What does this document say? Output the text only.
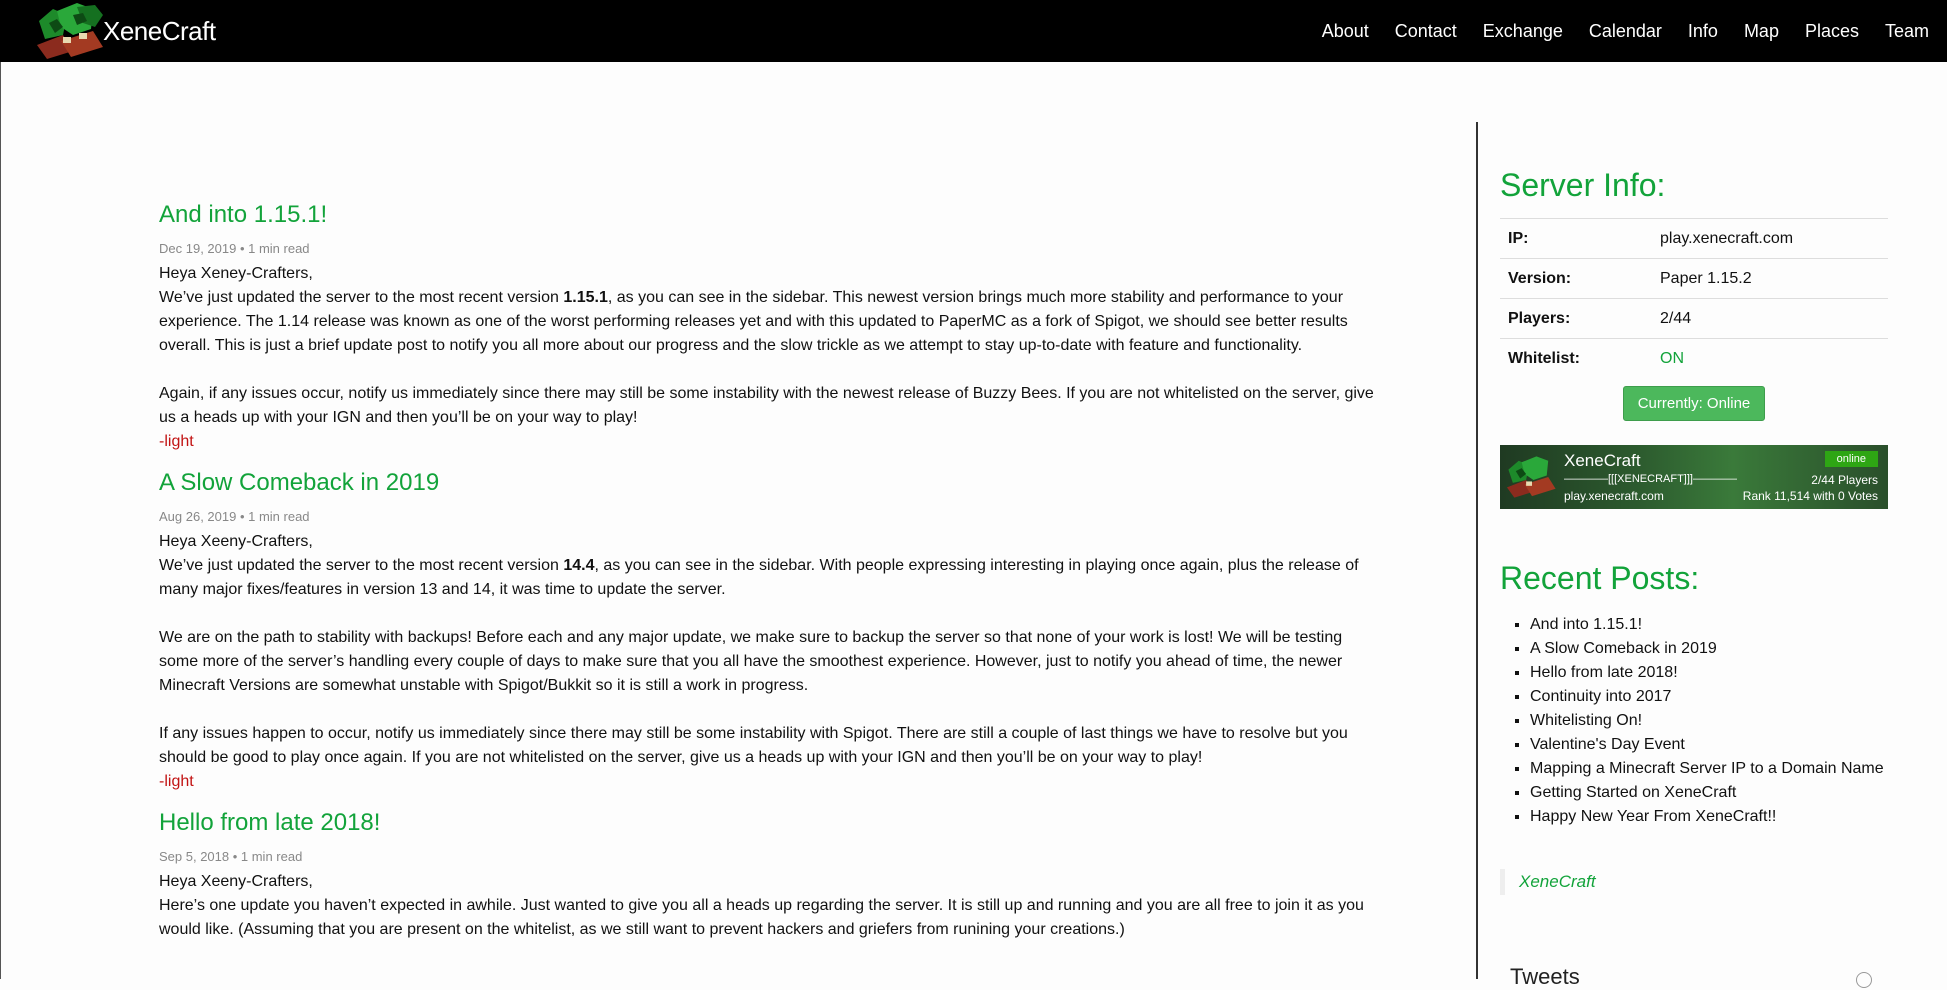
XeneCraft	About Contact Exchange Calendar Info Map Places Team
And into 1.15.1!
Dec 19, 2019 • 1 min read

Heya Xeney-Crafters,

We’ve just updated the server to the most recent version 1.15.1, as you can see in the sidebar. This newest version brings much more stability and performance to your experience. The 1.14 release was known as one of the worst performing releases yet and with this updated to PaperMC as a fork of Spigot, we should see better results overall. This is just a brief update post to notify you all more about our progress and the slow trickle as we attempt to stay up-to-date with feature and functionality.

Again, if any issues occur, notify us immediately since there may still be some instability with the newest release of Buzzy Bees. If you are not whitelisted on the server, give us a heads up with your IGN and then you’ll be on your way to play!

-light
A Slow Comeback in 2019
Aug 26, 2019 • 1 min read

Heya Xeeny-Crafters,

We’ve just updated the server to the most recent version 14.4, as you can see in the sidebar. With people expressing interesting in playing once again, plus the release of many major fixes/features in version 13 and 14, it was time to update the server.

We are on the path to stability with backups! Before each and any major update, we make sure to backup the server so that none of your work is lost! We will be testing some more of the server’s handling every couple of days to make sure that you all have the smoothest experience. However, just to notify you ahead of time, the newer Minecraft Versions are somewhat unstable with Spigot/Bukkit so it is still a work in progress.

If any issues happen to occur, notify us immediately since there may still be some instability with Spigot. There are still a couple of last things we have to resolve but you should be good to play once again. If you are not whitelisted on the server, give us a heads up with your IGN and then you’ll be on your way to play!

-light
Hello from late 2018!
Sep 5, 2018 • 1 min read

Heya Xeeny-Crafters,

Here’s one update you haven’t expected in awhile. Just wanted to give you all a heads up regarding the server. It is still up and running and you are all free to join it as you would like. (Assuming that you are present on the whitelist, as we still want to prevent hackers and griefers from runining your creations.)

Server Info:
IP:	play.xenecraft.com
Version:	Paper 1.15.2
Players:	2/44
Whitelist:	ON
Currently: Online
XeneCraft
————[[[XENECRAFT]]]————
play.xenecraft.com
online
2/44 Players
Rank 11,514 with 0 Votes
Recent Posts:
▪ And into 1.15.1!
▪ A Slow Comeback in 2019
▪ Hello from late 2018!
▪ Continuity into 2017
▪ Whitelisting On!
▪ Valentine's Day Event
▪ Mapping a Minecraft Server IP to a Domain Name
▪ Getting Started on XeneCraft
▪ Happy New Year From XeneCraft!!
XeneCraft
Tweets
